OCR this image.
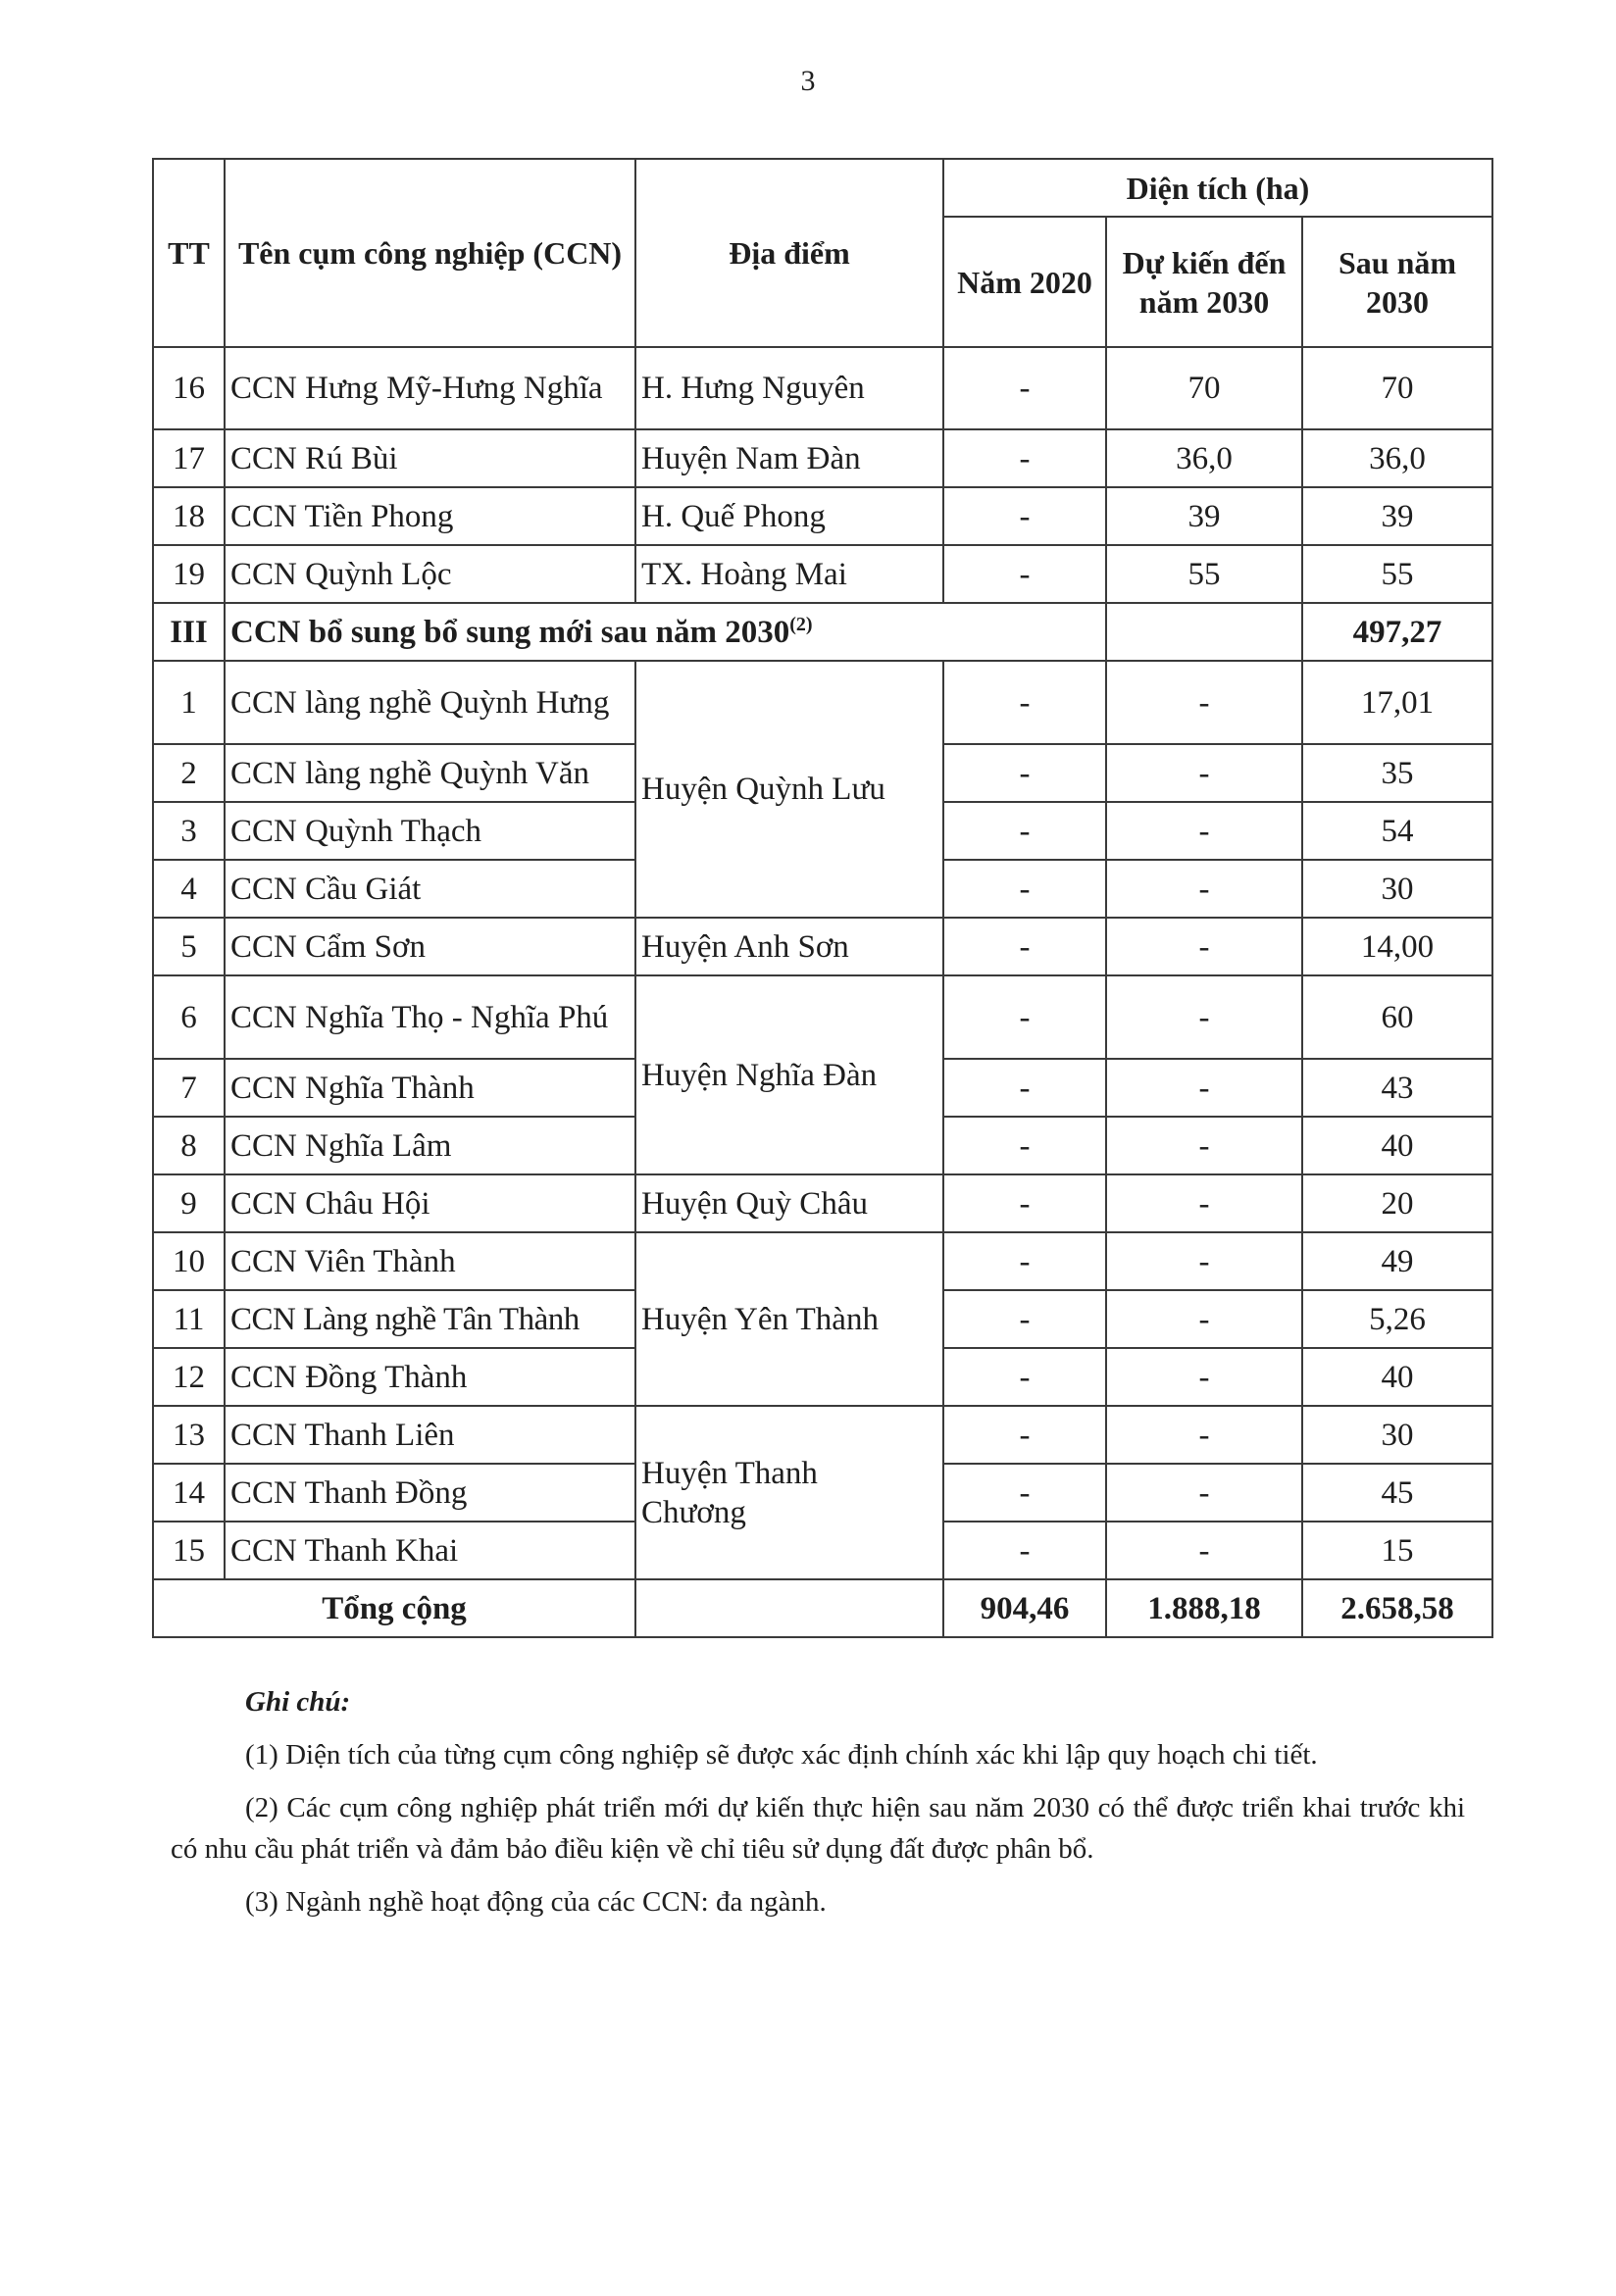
3
TT	Tên cụm công nghiệp (CCN)	Địa điểm	Diện tích (ha)		
			Năm 2020	Dự kiến đến năm 2030	Sau năm 2030
16	CCN Hưng Mỹ-Hưng Nghĩa	H. Hưng Nguyên	-	70	70
17	CCN Rú Bùi	Huyện Nam Đàn	-	36,0	36,0
18	CCN Tiền Phong	H. Quế Phong	-	39	39
19	CCN Quỳnh Lộc	TX. Hoàng Mai	-	55	55
III	CCN bổ sung bổ sung mới sau năm 2030$^{(2)}$				497,27
1	CCN làng nghề Quỳnh Hưng	Huyện Quỳnh Lưu	-	-	17,01
2	CCN làng nghề Quỳnh Văn		-	-	35
3	CCN Quỳnh Thạch		-	-	54
4	CCN Cầu Giát		-	-	30
5	CCN Cẩm Sơn	Huyện Anh Sơn	-	-	14,00
6	CCN Nghĩa Thọ - Nghĩa Phú	Huyện Nghĩa Đàn	-	-	60
7	CCN Nghĩa Thành		-	-	43
8	CCN Nghĩa Lâm		-	-	40
9	CCN Châu Hội	Huyện Quỳ Châu	-	-	20
10	CCN Viên Thành	Huyện Yên Thành	-	-	49
11	CCN Làng nghề Tân Thành		-	-	5,26
12	CCN Đồng Thành		-	-	40
13	CCN Thanh Liên	Huyện Thanh Chương	-	-	30
14	CCN Thanh Đồng		-	-	45
15	CCN Thanh Khai		-	-	15
Tổng cộng			904,46	1.888,18	2.658,58
Ghi chú:

(1) Diện tích của từng cụm công nghiệp sẽ được xác định chính xác khi lập quy hoạch chi tiết.

(2) Các cụm công nghiệp phát triển mới dự kiến thực hiện sau năm 2030 có thể được triển khai trước khi có nhu cầu phát triển và đảm bảo điều kiện về chỉ tiêu sử dụng đất được phân bổ.

(3) Ngành nghề hoạt động của các CCN: đa ngành.
